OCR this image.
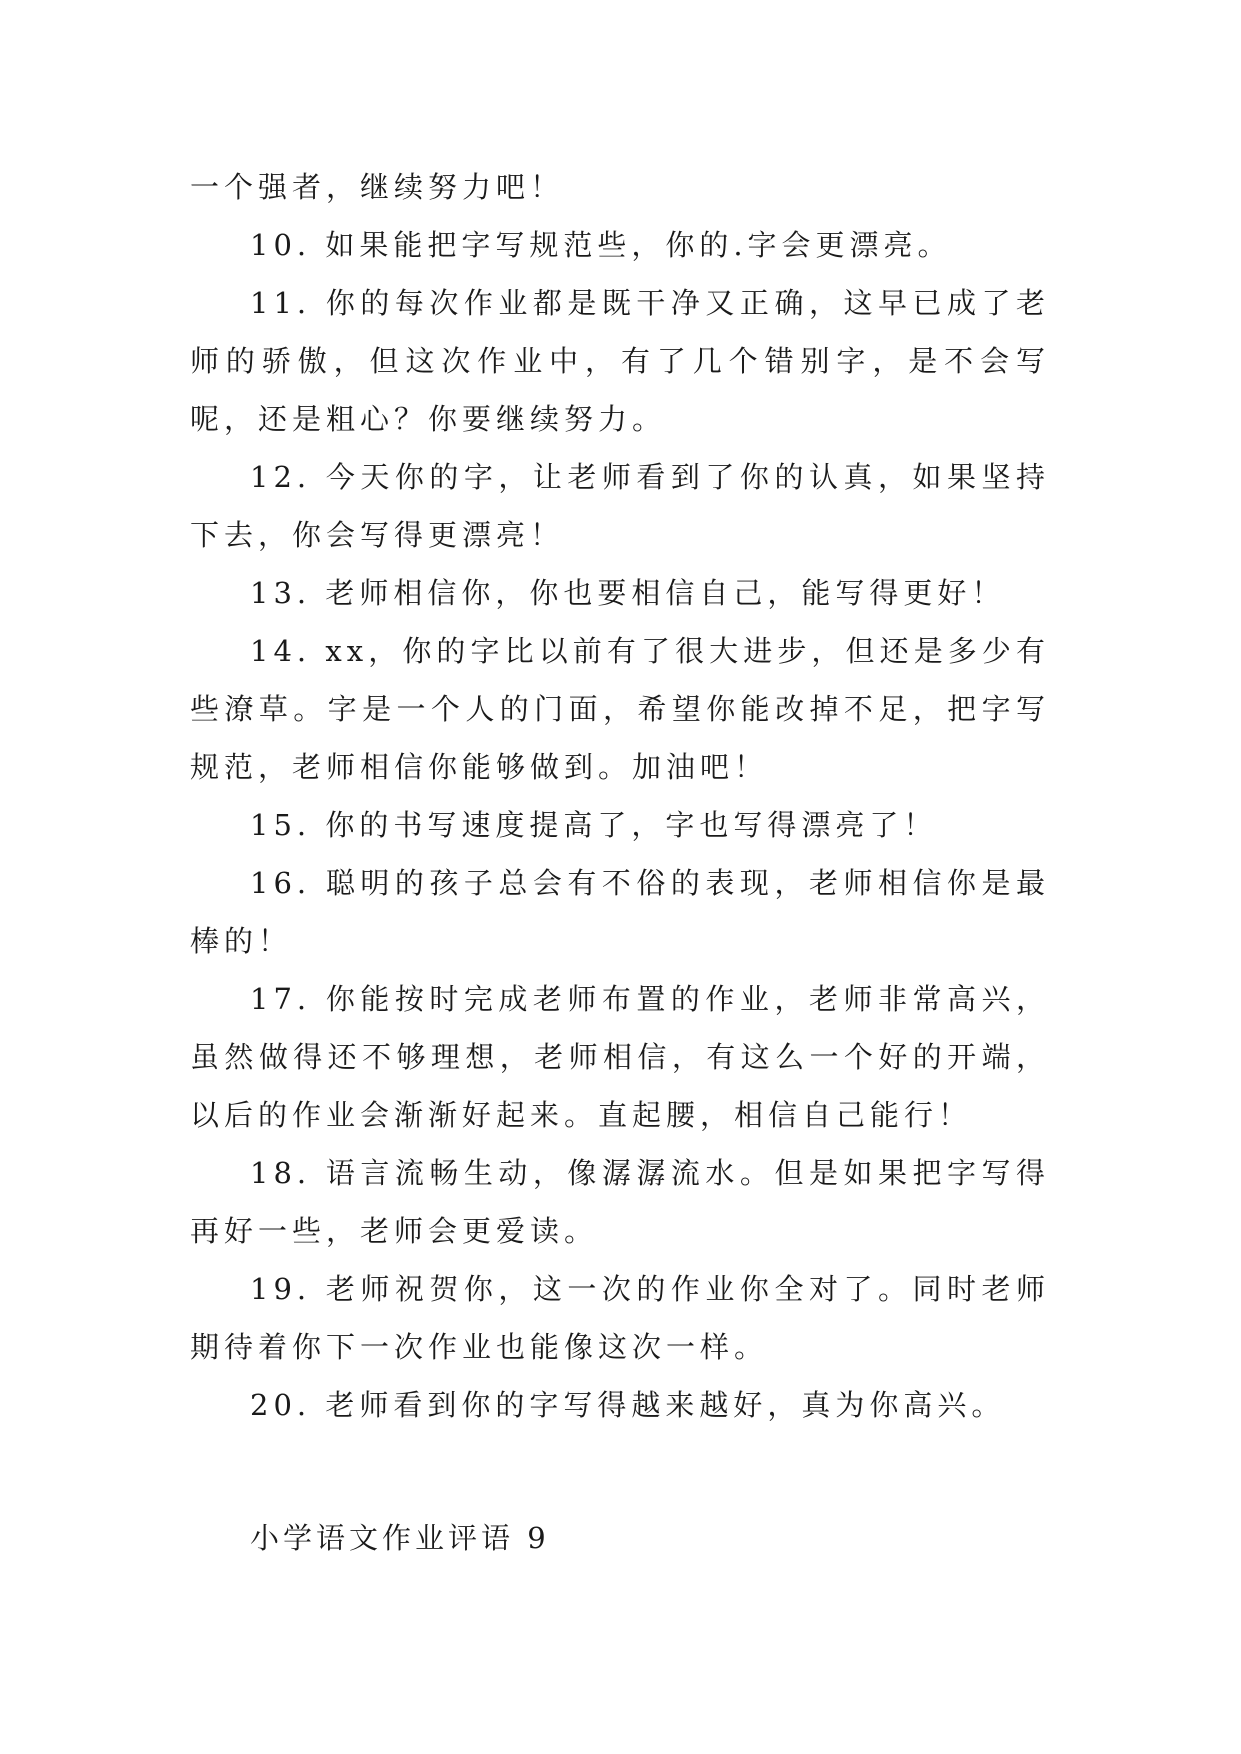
一个强者，继续努力吧！

10. 如果能把字写规范些，你的.字会更漂亮。

11. 你的每次作业都是既干净又正确，这早已成了老师的骄傲，但这次作业中，有了几个错别字，是不会写呢，还是粗心？你要继续努力。

12. 今天你的字，让老师看到了你的认真，如果坚持下去，你会写得更漂亮！

13. 老师相信你，你也要相信自己，能写得更好！

14. xx，你的字比以前有了很大进步，但还是多少有些潦草。字是一个人的门面，希望你能改掉不足，把字写规范，老师相信你能够做到。加油吧！

15. 你的书写速度提高了，字也写得漂亮了！

16. 聪明的孩子总会有不俗的表现，老师相信你是最棒的！

17. 你能按时完成老师布置的作业，老师非常高兴，虽然做得还不够理想，老师相信，有这么一个好的开端，以后的作业会渐渐好起来。直起腰，相信自己能行！

18. 语言流畅生动，像潺潺流水。但是如果把字写得再好一些，老师会更爱读。

19. 老师祝贺你，这一次的作业你全对了。同时老师期待着你下一次作业也能像这次一样。

20. 老师看到你的字写得越来越好，真为你高兴。

小学语文作业评语 9
